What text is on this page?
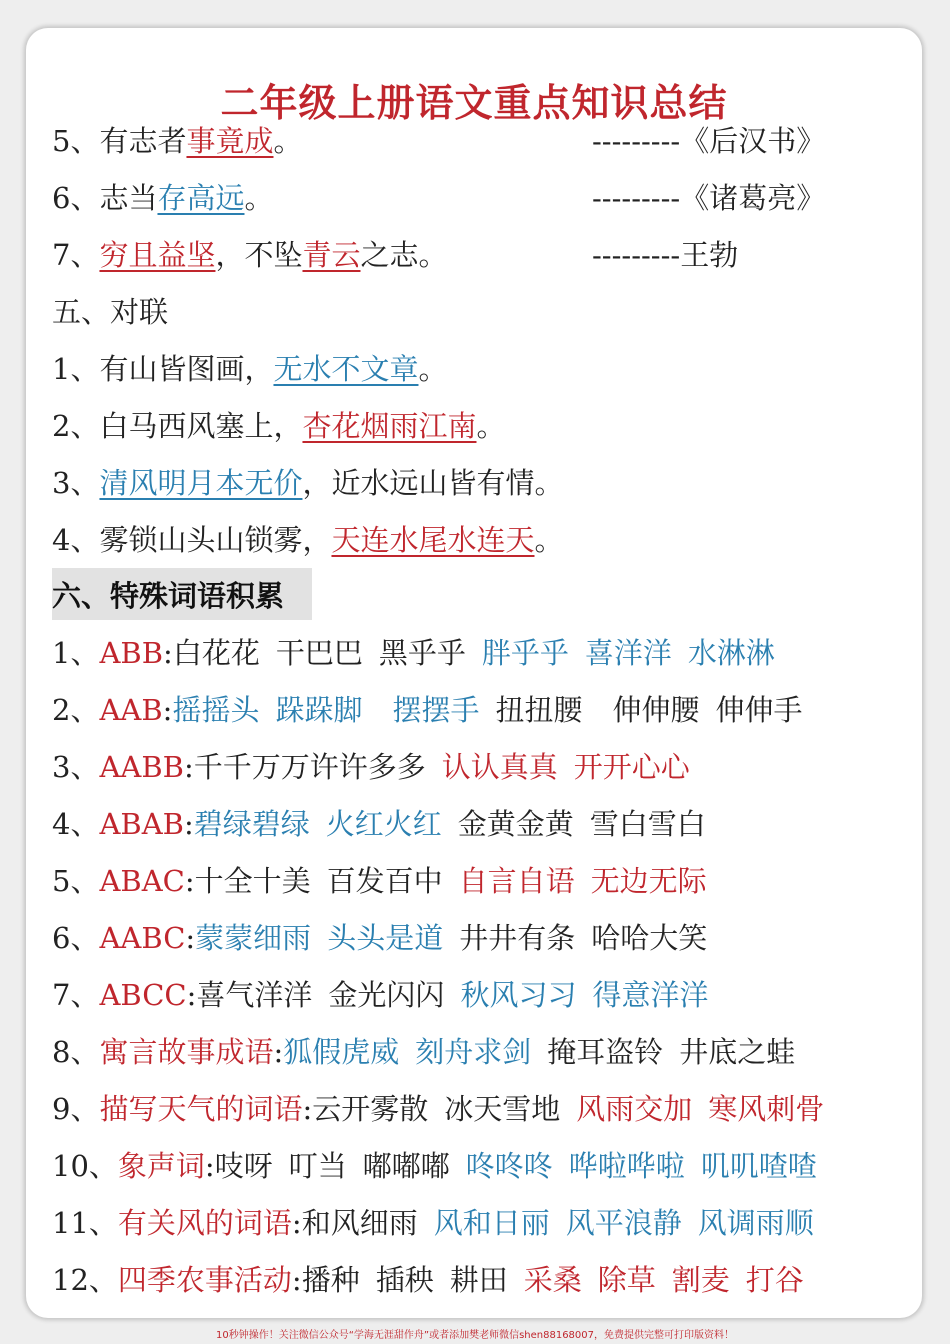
二年级上册语文重点知识总结
5、有志者事竟成。	---------《后汉书》
6、志当存高远。	---------《诸葛亮》
7、穷且益坚，不坠青云之志。	---------王勃
五、对联
1、有山皆图画，无水不文章。
2、白马西风塞上，杏花烟雨江南。
3、清风明月本无价，近水远山皆有情。
4、雾锁山头山锁雾，天连水尾水连天。
六、特殊词语积累
1、ABB:白花花 干巴巴 黑乎乎 胖乎乎 喜洋洋 水淋淋
2、AAB:摇摇头 跺跺脚 摆摆手 扭扭腰 伸伸腰 伸伸手
3、AABB:千千万万许许多多 认认真真 开开心心
4、ABAB:碧绿碧绿 火红火红 金黄金黄 雪白雪白
5、ABAC:十全十美 百发百中 自言自语 无边无际
6、AABC:蒙蒙细雨 头头是道 井井有条 哈哈大笑
7、ABCC:喜气洋洋 金光闪闪 秋风习习 得意洋洋
8、寓言故事成语:狐假虎威 刻舟求剑 掩耳盗铃 井底之蛙
9、描写天气的词语:云开雾散 冰天雪地 风雨交加 寒风刺骨
10、象声词:吱呀 叮当 嘟嘟嘟 咚咚咚 哗啦哗啦 叽叽喳喳
11、有关风的词语:和风细雨 风和日丽 风平浪静 风调雨顺
12、四季农事活动:播种 插秧 耕田 采桑 除草 割麦 打谷
10秒钟操作！关注微信公众号“学海无涯甜作舟”或者添加樊老师微信shen88168007，免费提供完整可打印版资料！
